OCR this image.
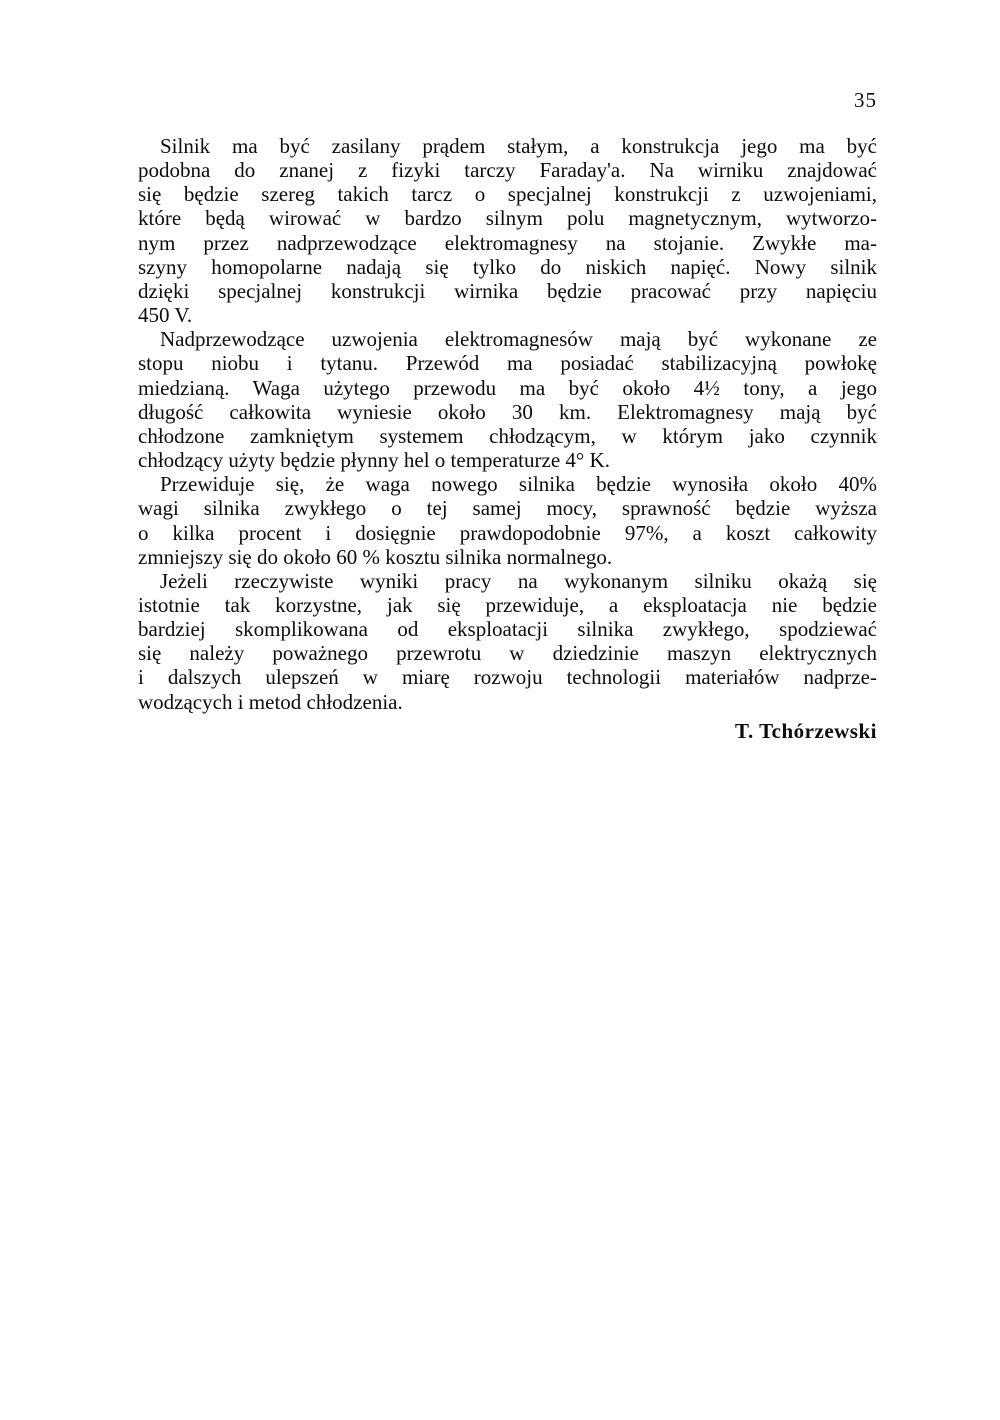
35

Silnik ma być zasilany prądem stałym, a konstrukcja jego ma być
podobna do znanej z fizyki tarczy Faraday'a. Na wirniku znajdować
się będzie szereg takich tarcz o specjalnej konstrukcji z uzwojeniami,
które będą wirować w bardzo silnym polu magnetycznym, wytworzo-
nym przez nadprzewodzące elektromagnesy na stojanie. Zwykłe ma-
szyny homopolarne nadają się tylko do niskich napięć. Nowy silnik
dzięki specjalnej konstrukcji wirnika będzie pracować przy napięciu
450 V.

Nadprzewodzące uzwojenia elektromagnesów mają być wykonane ze
stopu niobu i tytanu. Przewód ma posiadać stabilizacyjną powłokę
miedzianą. Waga użytego przewodu ma być około 4½ tony, a jego
długość całkowita wyniesie około 30 km. Elektromagnesy mają być
chłodzone zamkniętym systemem chłodzącym, w którym jako czynnik
chłodzący użyty będzie płynny hel o temperaturze 4° K.

Przewiduje się, że waga nowego silnika będzie wynosiła około 40%
wagi silnika zwykłego o tej samej mocy, sprawność będzie wyższa
o kilka procent i dosięgnie prawdopodobnie 97%, a koszt całkowity
zmniejszy się do około 60 % kosztu silnika normalnego.

Jeżeli rzeczywiste wyniki pracy na wykonanym silniku okażą się
istotnie tak korzystne, jak się przewiduje, a eksploatacja nie będzie
bardziej skomplikowana od eksploatacji silnika zwykłego, spodziewać
się należy poważnego przewrotu w dziedzinie maszyn elektrycznych
i dalszych ulepszeń w miarę rozwoju technologii materiałów nadprze-
wodzących i metod chłodzenia.

T. Tchórzewski
